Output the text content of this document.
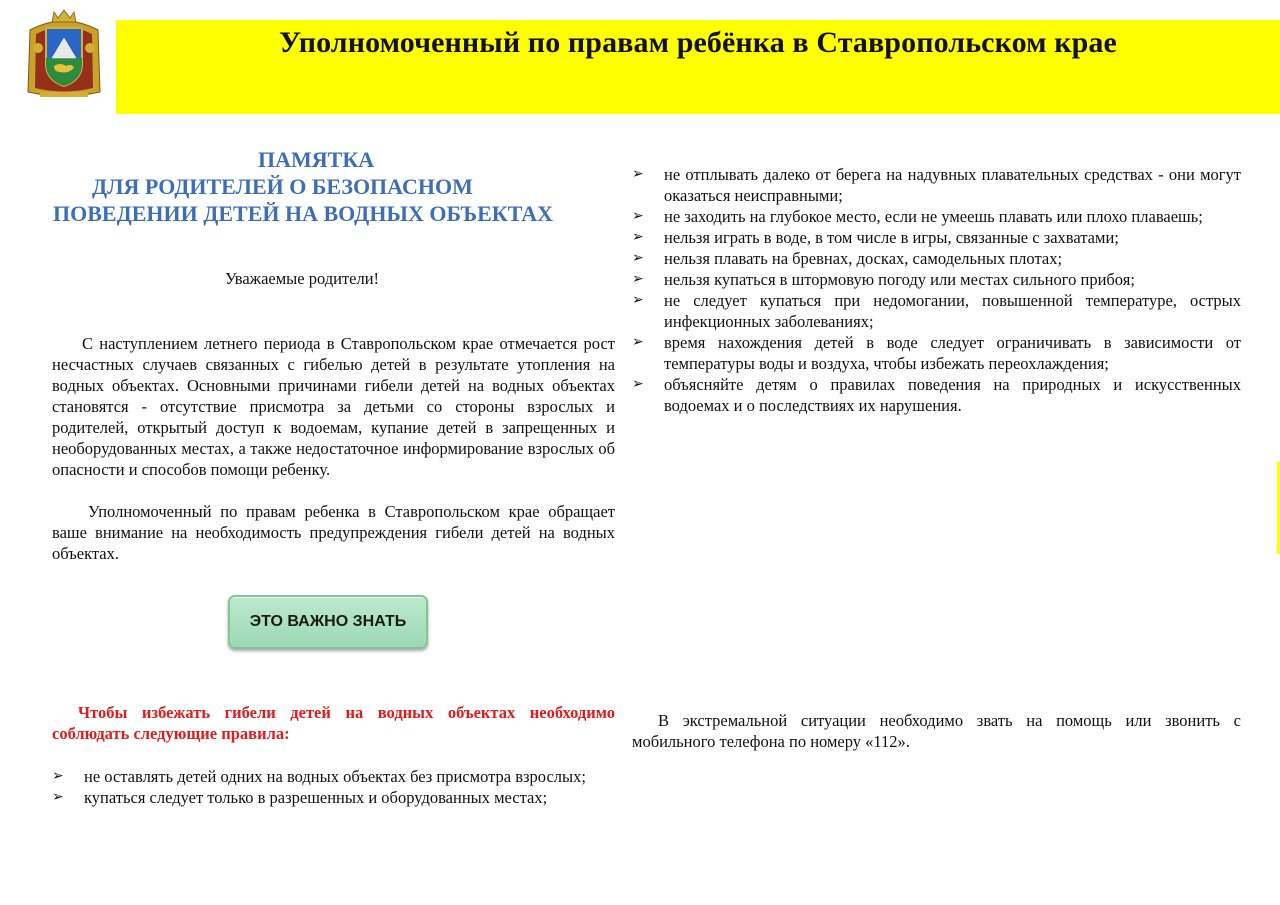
Уполномоченный по правам ребёнка в Ставропольском крае
ПАМЯТКА
ДЛЯ РОДИТЕЛЕЙ О БЕЗОПАСНОМ
ПОВЕДЕНИИ ДЕТЕЙ НА ВОДНЫХ ОБЪЕКТАХ
Уважаемые родители!

С наступлением летнего периода в Ставропольском крае отмечается рост несчастных случаев связанных с гибелью детей в результате утопления на водных объектах. Основными причинами гибели детей на водных объектах становятся - отсутствие присмотра за детьми со стороны взрослых и родителей, открытый доступ к водоемам, купание детей в запрещенных и необорудованных местах, а также недостаточное информирование взрослых об опасности и способов помощи ребенку.

Уполномоченный по правам ребенка в Ставропольском крае обращает ваше внимание на необходимость предупреждения гибели детей на водных объектах.

ЭТО ВАЖНО ЗНАТЬ

Чтобы избежать гибели детей на водных объектах необходимо соблюдать следующие правила:

➢ не оставлять детей одних на водных объектах без присмотра взрослых;
➢ купаться следует только в разрешенных и оборудованных местах;
➢ не отплывать далеко от берега на надувных плавательных средствах - они могут оказаться неисправными;
➢ не заходить на глубокое место, если не умеешь плавать или плохо плаваешь;
➢ нельзя играть в воде, в том числе в игры, связанные с захватами;
➢ нельзя плавать на бревнах, досках, самодельных плотах;
➢ нельзя купаться в штормовую погоду или местах сильного прибоя;
➢ не следует купаться при недомогании, повышенной температуре, острых инфекционных заболеваниях;
➢ время нахождения детей в воде следует ограничивать в зависимости от температуры воды и воздуха, чтобы избежать переохлаждения;
➢ объясняйте детям о правилах поведения на природных и искусственных водоемах и о последствиях их нарушения.

В экстремальной ситуации необходимо звать на помощь или звонить с мобильного телефона по номеру «112».
